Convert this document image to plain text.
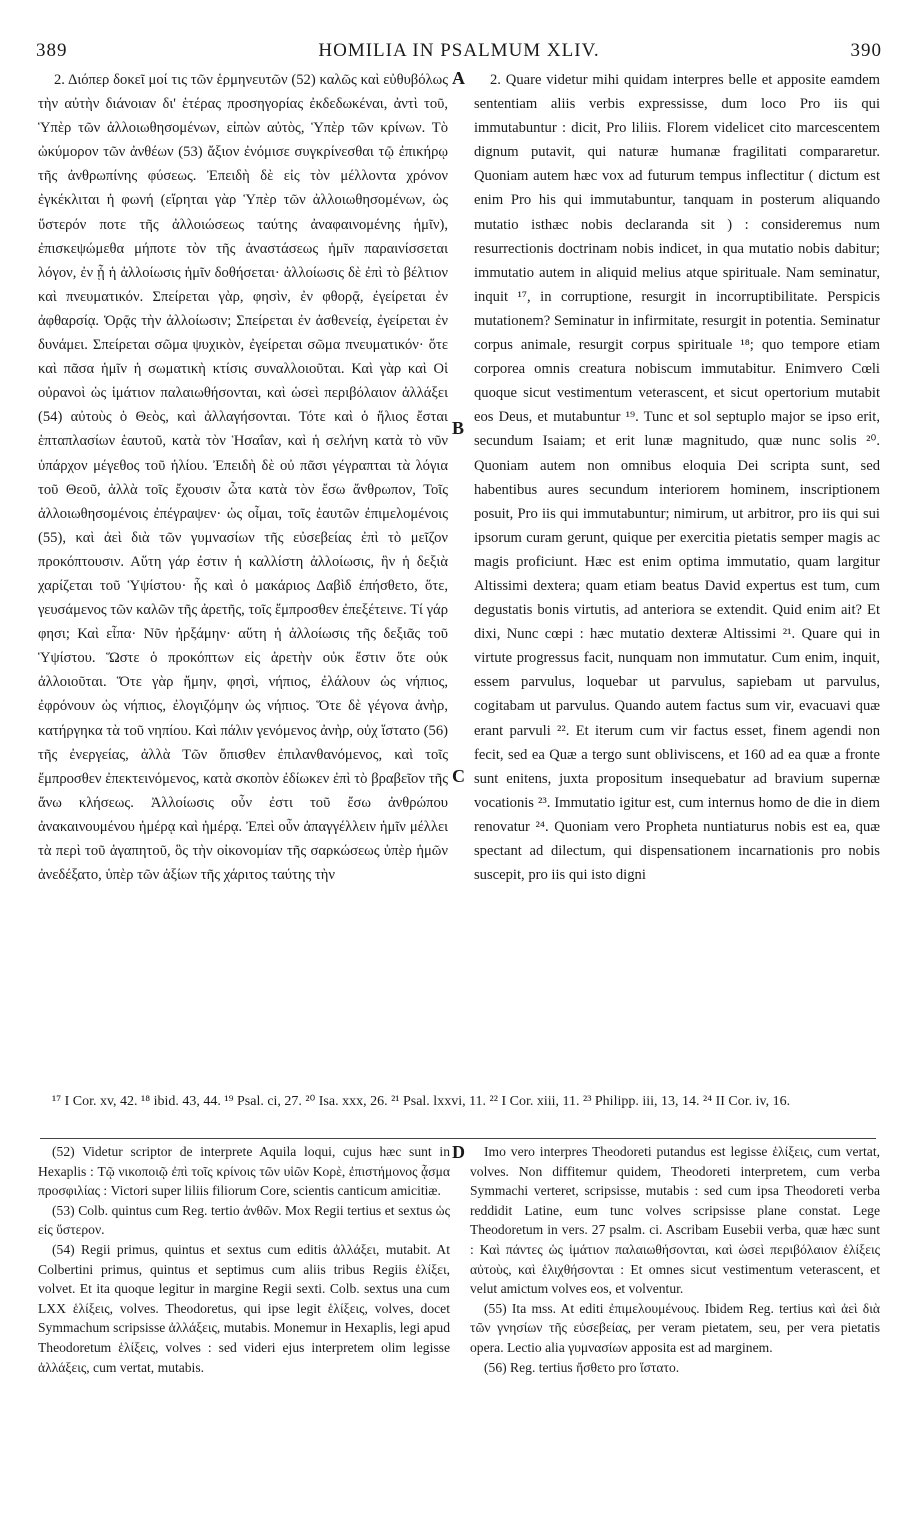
389	HOMILIA IN PSALMUM XLIV.	390

2. Διόπερ δοκεῖ μοί τις τῶν ἑρμηνευτῶν (52) καλῶς καὶ εὐθυβόλως τὴν αὐτὴν διάνοιαν δι' ἑτέρας προσηγορίας ἐκδεδωκέναι, ἀντὶ τοῦ, Ὑπὲρ τῶν ἀλλοιωθησομένων, εἰπὼν αὐτὸς, Ὑπὲρ τῶν κρίνων. Τὸ ὠκύμορον τῶν ἀνθέων (53) ἄξιον ἐνόμισε συγκρίνεσθαι τῷ ἐπικήρῳ τῆς ἀνθρωπίνης φύσεως. Ἐπειδὴ δὲ εἰς τὸν μέλλοντα χρόνον ἐγκέκλιται ἡ φωνή (εἴρηται γὰρ Ὑπὲρ τῶν ἀλλοιωθησομένων, ὡς ὕστερόν ποτε τῆς ἀλλοιώσεως ταύτης ἀναφαινομένης ἡμῖν), ἐπισκεψώμεθα μήποτε τὸν τῆς ἀναστάσεως ἡμῖν παραινίσσεται λόγον, ἐν ᾗ ἡ ἀλλοίωσις ἡμῖν δοθήσεται· ἀλλοίωσις δὲ ἐπὶ τὸ βέλτιον καὶ πνευματικόν. Σπείρεται γὰρ, φησὶν, ἐν φθορᾷ, ἐγείρεται ἐν ἀφθαρσίᾳ. Ὁρᾷς τὴν ἀλλοίωσιν; Σπείρεται ἐν ἀσθενείᾳ, ἐγείρεται ἐν δυνάμει. Σπείρεται σῶμα ψυχικὸν, ἐγείρεται σῶμα πνευματικόν· ὅτε καὶ πᾶσα ἡμῖν ἡ σωματικὴ κτίσις συναλλοιοῦται. Καὶ γὰρ καὶ Οἱ οὐρανοὶ ὡς ἱμάτιον παλαιωθήσονται, καὶ ὡσεὶ περιβόλαιον ἀλλάξει (54) αὐτοὺς ὁ Θεὸς, καὶ ἀλλαγήσονται. Τότε καὶ ὁ ἥλιος ἔσται ἑπταπλασίων ἑαυτοῦ, κατὰ τὸν Ἡσαΐαν, καὶ ἡ σελήνη κατὰ τὸ νῦν ὑπάρχον μέγεθος τοῦ ἡλίου. Ἐπειδὴ δὲ οὐ πᾶσι γέγραπται τὰ λόγια τοῦ Θεοῦ, ἀλλὰ τοῖς ἔχουσιν ὦτα κατὰ τὸν ἔσω ἄνθρωπον, Τοῖς ἀλλοιωθησομένοις ἐπέγραψεν· ὡς οἶμαι, τοῖς ἑαυτῶν ἐπιμελομένοις (55), καὶ ἀεὶ διὰ τῶν γυμνασίων τῆς εὐσεβείας ἐπὶ τὸ μεῖζον προκόπτουσιν. Αὕτη γάρ ἐστιν ἡ καλλίστη ἀλλοίωσις, ἣν ἡ δεξιὰ χαρίζεται τοῦ Ὑψίστου· ἧς καὶ ὁ μακάριος Δαβὶδ ἐπήσθετο, ὅτε, γευσάμενος τῶν καλῶν τῆς ἀρετῆς, τοῖς ἔμπροσθεν ἐπεξέτεινε. Τί γάρ φησι; Καὶ εἶπα· Νῦν ἠρξάμην· αὕτη ἡ ἀλλοίωσις τῆς δεξιᾶς τοῦ Ὑψίστου. Ὥστε ὁ προκόπτων εἰς ἀρετὴν οὐκ ἔστιν ὅτε οὐκ ἀλλοιοῦται. Ὅτε γὰρ ἤμην, φησὶ, νήπιος, ἐλάλουν ὡς νήπιος, ἐφρόνουν ὡς νήπιος, ἐλογιζόμην ὡς νήπιος. Ὅτε δὲ γέγονα ἀνὴρ, κατήργηκα τὰ τοῦ νηπίου. Καὶ πάλιν γενόμενος ἀνὴρ, οὐχ ἵστατο (56) τῆς ἐνεργείας, ἀλλὰ Τῶν ὄπισθεν ἐπιλανθανόμενος, καὶ τοῖς ἔμπροσθεν ἐπεκτεινόμενος, κατὰ σκοπὸν ἐδίωκεν ἐπὶ τὸ βραβεῖον τῆς ἄνω κλήσεως. Ἀλλοίωσις οὖν ἐστι τοῦ ἔσω ἀνθρώπου ἀνακαινουμένου ἡμέρᾳ καὶ ἡμέρᾳ. Ἐπεὶ οὖν ἀπαγγέλλειν ἡμῖν μέλλει τὰ περὶ τοῦ ἀγαπητοῦ, ὃς τὴν οἰκονομίαν τῆς σαρκώσεως ὑπὲρ ἡμῶν ἀνεδέξατο, ὑπὲρ τῶν ἀξίων τῆς χάριτος ταύτης τὴν

A
B
C

2. Quare videtur mihi quidam interpres belle et apposite eamdem sententiam aliis verbis expressisse, dum loco Pro iis qui immutabuntur : dicit, Pro liliis. Florem videlicet cito marcescentem dignum putavit, qui naturæ humanæ fragilitati compararetur. Quoniam autem hæc vox ad futurum tempus inflectitur ( dictum est enim Pro his qui immutabuntur, tanquam in posterum aliquando mutatio isthæc nobis declaranda sit ) : consideremus num resurrectionis doctrinam nobis indicet, in qua mutatio nobis dabitur; immutatio autem in aliquid melius atque spirituale. Nam seminatur, inquit ¹⁷, in corruptione, resurgit in incorruptibilitate. Perspicis mutationem? Seminatur in infirmitate, resurgit in potentia. Seminatur corpus animale, resurgit corpus spirituale ¹⁸; quo tempore etiam corporea omnis creatura nobiscum immutabitur. Enimvero Cœli quoque sicut vestimentum veterascent, et sicut opertorium mutabit eos Deus, et mutabuntur ¹⁹. Tunc et sol septuplo major se ipso erit, secundum Isaiam; et erit lunæ magnitudo, quæ nunc solis ²⁰. Quoniam autem non omnibus eloquia Dei scripta sunt, sed habentibus aures secundum interiorem hominem, inscriptionem posuit, Pro iis qui immutabuntur; nimirum, ut arbitror, pro iis qui sui ipsorum curam gerunt, quique per exercitia pietatis semper magis ac magis proficiunt. Hæc est enim optima immutatio, quam largitur Altissimi dextera; quam etiam beatus David expertus est tum, cum degustatis bonis virtutis, ad anteriora se extendit. Quid enim ait? Et dixi, Nunc cœpi : hæc mutatio dexteræ Altissimi ²¹. Quare qui in virtute progressus facit, nunquam non immutatur. Cum enim, inquit, essem parvulus, loquebar ut parvulus, sapiebam ut parvulus, cogitabam ut parvulus. Quando autem factus sum vir, evacuavi quæ erant parvuli ²². Et iterum cum vir factus esset, finem agendi non fecit, sed ea Quæ a tergo sunt obliviscens, et 160 ad ea quæ a fronte sunt enitens, juxta propositum insequebatur ad bravium supernæ vocationis ²³. Immutatio igitur est, cum internus homo de die in diem renovatur ²⁴. Quoniam vero Propheta nuntiaturus nobis est ea, quæ spectant ad dilectum, qui dispensationem incarnationis pro nobis suscepit, pro iis qui isto digni

¹⁷ I Cor. xv, 42. ¹⁸ ibid. 43, 44. ¹⁹ Psal. ci, 27. ²⁰ Isa. xxx, 26. ²¹ Psal. lxxvi, 11. ²² I Cor. xiii, 11. ²³ Philipp. iii, 13, 14. ²⁴ II Cor. iv, 16.

(52) Videtur scriptor de interprete Aquila loqui, cujus hæc sunt in Hexaplis : Τῷ νικοποιῷ ἐπὶ τοῖς κρίνοις τῶν υἱῶν Κορὲ, ἐπιστήμονος ᾆσμα προσφιλίας : Victori super liliis filiorum Core, scientis canticum amicitiæ.

(53) Colb. quintus cum Reg. tertio ἀνθῶν. Mox Regii tertius et sextus ὡς εἰς ὕστερον.

(54) Regii primus, quintus et sextus cum editis ἀλλάξει, mutabit. At Colbertini primus, quintus et septimus cum aliis tribus Regiis ἑλίξει, volvet. Et ita quoque legitur in margine Regii sexti. Colb. sextus una cum LXX ἑλίξεις, volves. Theodoretus, qui ipse legit ἑλίξεις, volves, docet Symmachum scripsisse ἀλλάξεις, mutabis. Monemur in Hexaplis, legi apud Theodoretum ἑλίξεις, volves : sed videri ejus interpretem olim legisse ἀλλάξεις, cum vertat, mutabis.

D	Imo vero interpres Theodoreti putandus est legisse ἑλίξεις, cum vertat, volves. Non diffitemur quidem, Theodoreti interpretem, cum verba Symmachi verteret, scripsisse, mutabis : sed cum ipsa Theodoreti verba reddidit Latine, eum tunc volves scripsisse plane constat. Lege Theodoretum in vers. 27 psalm. ci. Ascribam Eusebii verba, quæ hæc sunt : Καὶ πάντες ὡς ἱμάτιον παλαιωθήσονται, καὶ ὡσεὶ περιβόλαιον ἑλίξεις αὐτοὺς, καὶ ἑλιχθήσονται : Et omnes sicut vestimentum veterascent, et velut amictum volves eos, et volventur.

(55) Ita mss. At editi ἐπιμελουμένους. Ibidem Reg. tertius καὶ ἀεὶ διὰ τῶν γνησίων τῆς εὐσεβείας, per veram pietatem, seu, per vera pietatis opera. Lectio alia γυμνασίων apposita est ad marginem.

(56) Reg. tertius ἤσθετο pro ἵστατο.
